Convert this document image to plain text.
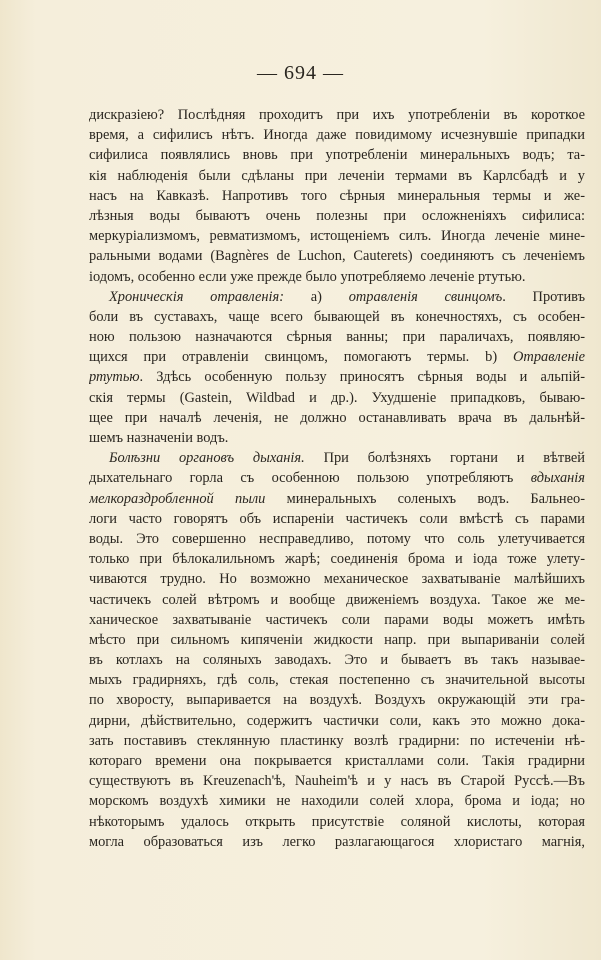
— 694 —
дискразiею? Послѣдняя проходитъ при ихъ употребленiи въ короткое
время, а сифилисъ нѣтъ. Иногда даже повидимому исчезнувшiе припадки
сифилиса появлялись вновь при употребленiи минеральныхъ водъ; та-
кiя наблюденiя были сдѣланы при леченiи термами въ Карлсбадѣ и у
насъ на Кавказѣ. Напротивъ того сѣрныя минеральныя термы и же-
лѣзныя воды бываютъ очень полезны при осложненiяхъ сифилиса:
меркурiализмомъ, ревматизмомъ, истощенiемъ силъ. Иногда леченiе мине-
ральными водами (Bagnères de Luchon, Cauterets) соединяютъ съ леченiемъ
iодомъ, особенно если уже прежде было употребляемо леченiе ртутью.
Хроническiя отравленiя: а) отравленiя свинцомъ. Противъ
боли въ суставахъ, чаще всего бывающей въ конечностяхъ, съ особен-
ною пользою назначаются сѣрныя ванны; при параличахъ, появляю-
щихся при отравленiи свинцомъ, помогаютъ термы. b) Отравленiе
ртутью. Здѣсь особенную пользу приносятъ сѣрныя воды и альпiй-
скiя термы (Gastein, Wildbad и др.). Ухудшенiе припадковъ, бываю-
щее при началѣ леченiя, не должно останавливать врача въ дальнѣй-
шемъ назначенiи водъ.
Болѣзни органовъ дыханiя. При болѣзняхъ гортани и вѣтвей
дыхательнаго горла съ особенною пользою употребляютъ вдыханiя
мелкораздробленной пыли минеральныхъ соленыхъ водъ. Бальнео-
логи часто говорятъ объ испаренiи частичекъ соли вмѣстѣ съ парами
воды. Это совершенно несправедливо, потому что соль улетучивается
только при бѣлокалильномъ жарѣ; соединенiя брома и iода тоже улету-
чиваются трудно. Но возможно механическое захватыванiе малѣйшихъ
частичекъ солей вѣтромъ и вообще движенiемъ воздуха. Такое же ме-
ханическое захватыванiе частичекъ соли парами воды можетъ имѣть
мѣсто при сильномъ кипяченiи жидкости напр. при выпариванiи солей
въ котлахъ на соляныхъ заводахъ. Это и бываетъ въ такъ называе-
мыхъ градирняхъ, гдѣ соль, стекая постепенно съ значительной высоты
по хворосту, выпаривается на воздухѣ. Воздухъ окружающiй эти гра-
дирни, дѣйствительно, содержитъ частички соли, какъ это можно дока-
зать поставивъ стеклянную пластинку возлѣ градирни: по истеченiи нѣ-
котораго времени она покрывается кристаллами соли. Такiя градирни
существуютъ въ Kreuzenach'ѣ, Nauheim'ѣ и у насъ въ Старой Руссѣ.—Въ
морскомъ воздухѣ химики не находили солей хлора, брома и iода; но
нѣкоторымъ удалось открыть присутствiе соляной кислоты, которая
могла образоваться изъ легко разлагающагося хлористаго магнiя,
